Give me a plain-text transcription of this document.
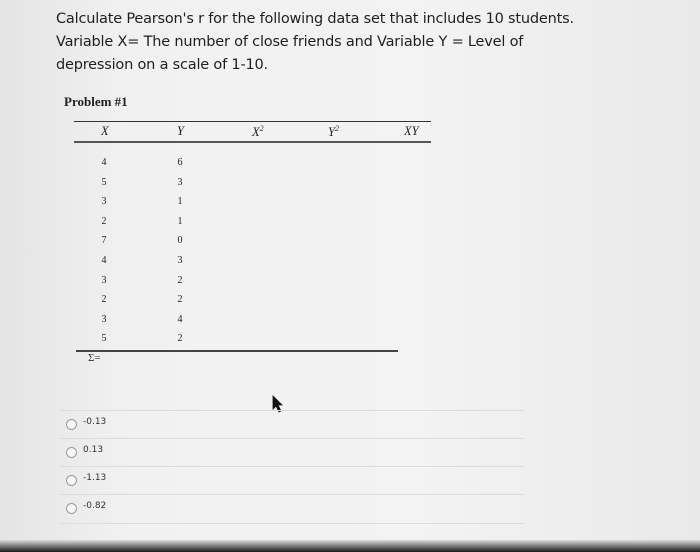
Calculate Pearson's r for the following data set that includes 10 students.
Variable X= The number of close friends and Variable Y = Level of
depression on a scale of 1-10.
Problem #1
X	Y	$X^2$	$Y^2$	XY
4	6
5	3
3	1
2	1
7	0
4	3
3	2
2	2
3	4
5	2
Σ=
-0.13
0.13
-1.13
-0.82
